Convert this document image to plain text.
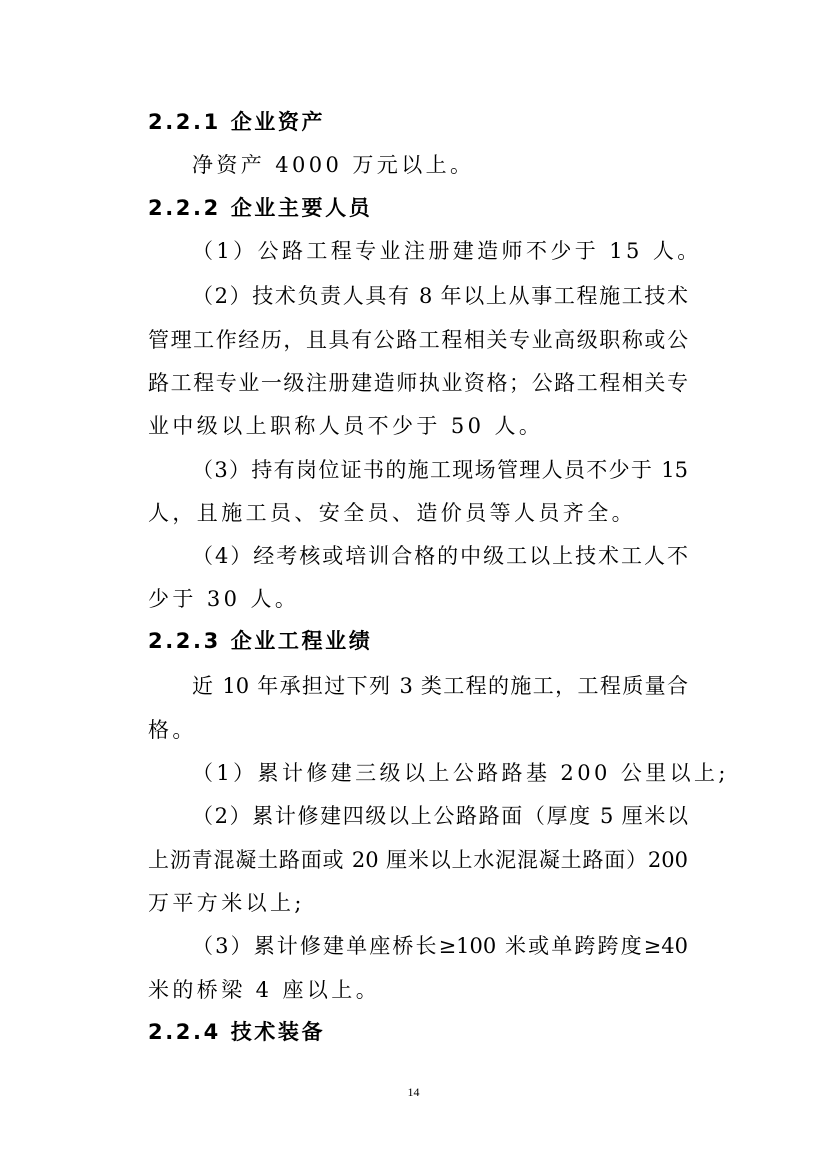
2.2.1 企业资产
净资产 4000 万元以上。
2.2.2 企业主要人员
（1）公路工程专业注册建造师不少于 15 人。
（2）技术负责人具有 8 年以上从事工程施工技术
管理工作经历，且具有公路工程相关专业高级职称或公
路工程专业一级注册建造师执业资格；公路工程相关专
业中级以上职称人员不少于 50 人。
（3）持有岗位证书的施工现场管理人员不少于 15
人，且施工员、安全员、造价员等人员齐全。
（4）经考核或培训合格的中级工以上技术工人不
少于 30 人。
2.2.3 企业工程业绩
近 10 年承担过下列 3 类工程的施工，工程质量合
格。
（1）累计修建三级以上公路路基 200 公里以上;
（2）累计修建四级以上公路路面（厚度 5 厘米以
上沥青混凝土路面或 20 厘米以上水泥混凝土路面）200
万平方米以上;
（3）累计修建单座桥长≥100 米或单跨跨度≥40
米的桥梁 4 座以上。
2.2.4 技术装备
14
